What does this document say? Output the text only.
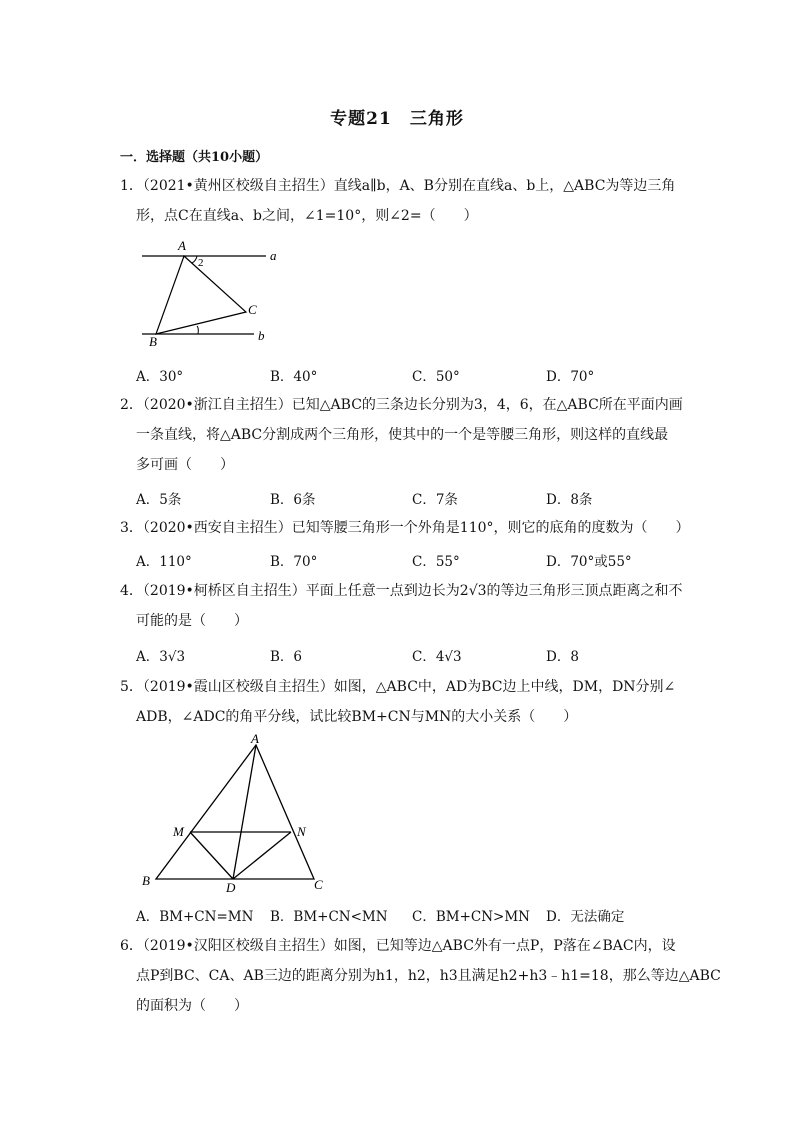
专题21　三角形
一．选择题（共10小题）
1．（2021•黄州区校级自主招生）直线a∥b，A、B分别在直线a、b上，△ABC为等边三角
形，点C在直线a、b之间，∠1=10°，则∠2=（　　）
A
2	a
C
B	b
A．30°	B．40°	C．50°	D．70°
2．（2020•浙江自主招生）已知△ABC的三条边长分别为3，4，6，在△ABC所在平面内画
一条直线，将△ABC分割成两个三角形，使其中的一个是等腰三角形，则这样的直线最
多可画（　　）
A．5条	B．6条	C．7条	D．8条
3．（2020•西安自主招生）已知等腰三角形一个外角是110°，则它的底角的度数为（　　）
A．110°	B．70°	C．55°	D．70°或55°
4．（2019•柯桥区自主招生）平面上任意一点到边长为2√3的等边三角形三顶点距离之和不
可能的是（　　）
A．3√3	B．6	C．4√3	D．8
5．（2019•霞山区校级自主招生）如图，△ABC中，AD为BC边上中线，DM，DN分别∠
ADB，∠ADC的角平分线，试比较BM+CN与MN的大小关系（　　）
A
M	N
B	D	C
A．BM+CN=MN B．BM+CN<MN C．BM+CN>MN D．无法确定
6．（2019•汉阳区校级自主招生）如图，已知等边△ABC外有一点P，P落在∠BAC内，设
点P到BC、CA、AB三边的距离分别为h1，h2，h3且满足h2+h3﹣h1=18，那么等边△ABC
的面积为（　　）
